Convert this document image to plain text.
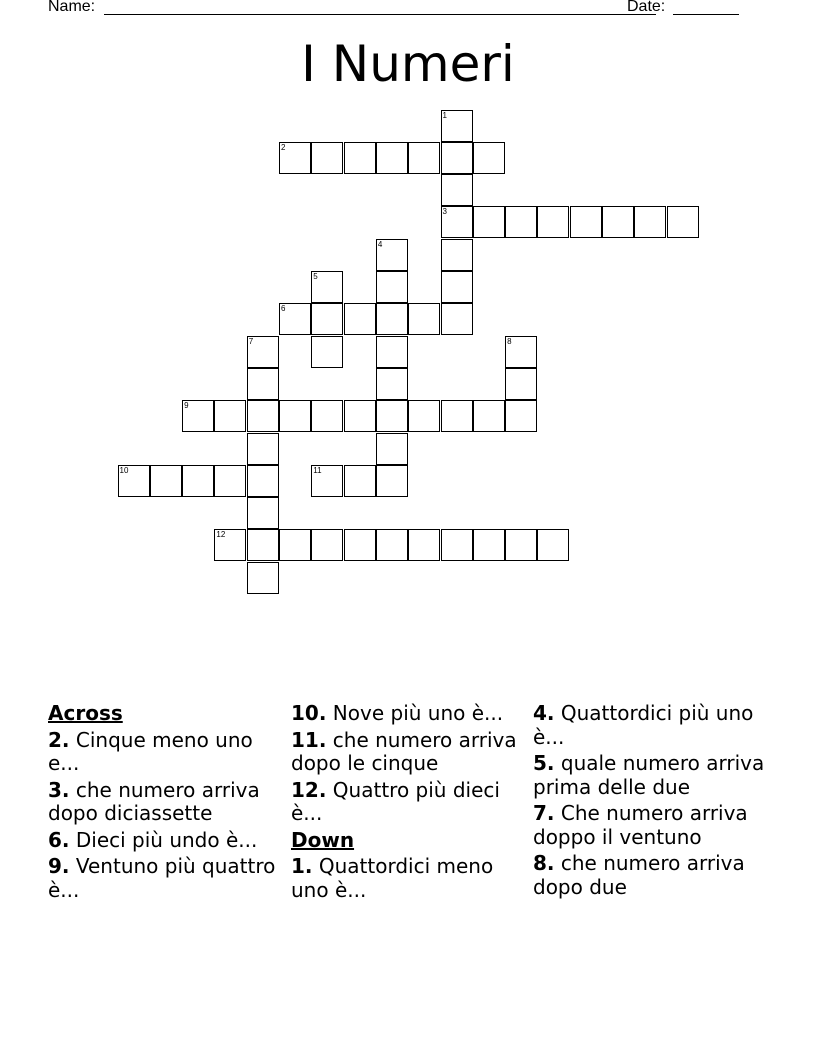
Name:	Date:
I Numeri
1
2
3
4
5
6
7	8
9
10	11
12
Across
2. Cinque meno uno e...
3. che numero arriva dopo diciassette
6. Dieci più undo è...
9. Ventuno più quattro è...
10. Nove più uno è...
11. che numero arriva dopo le cinque
12. Quattro più dieci è...
Down
1. Quattordici meno uno è...
4. Quattordici più uno è...
5. quale numero arriva prima delle due
7. Che numero arriva doppo il ventuno
8. che numero arriva dopo due
